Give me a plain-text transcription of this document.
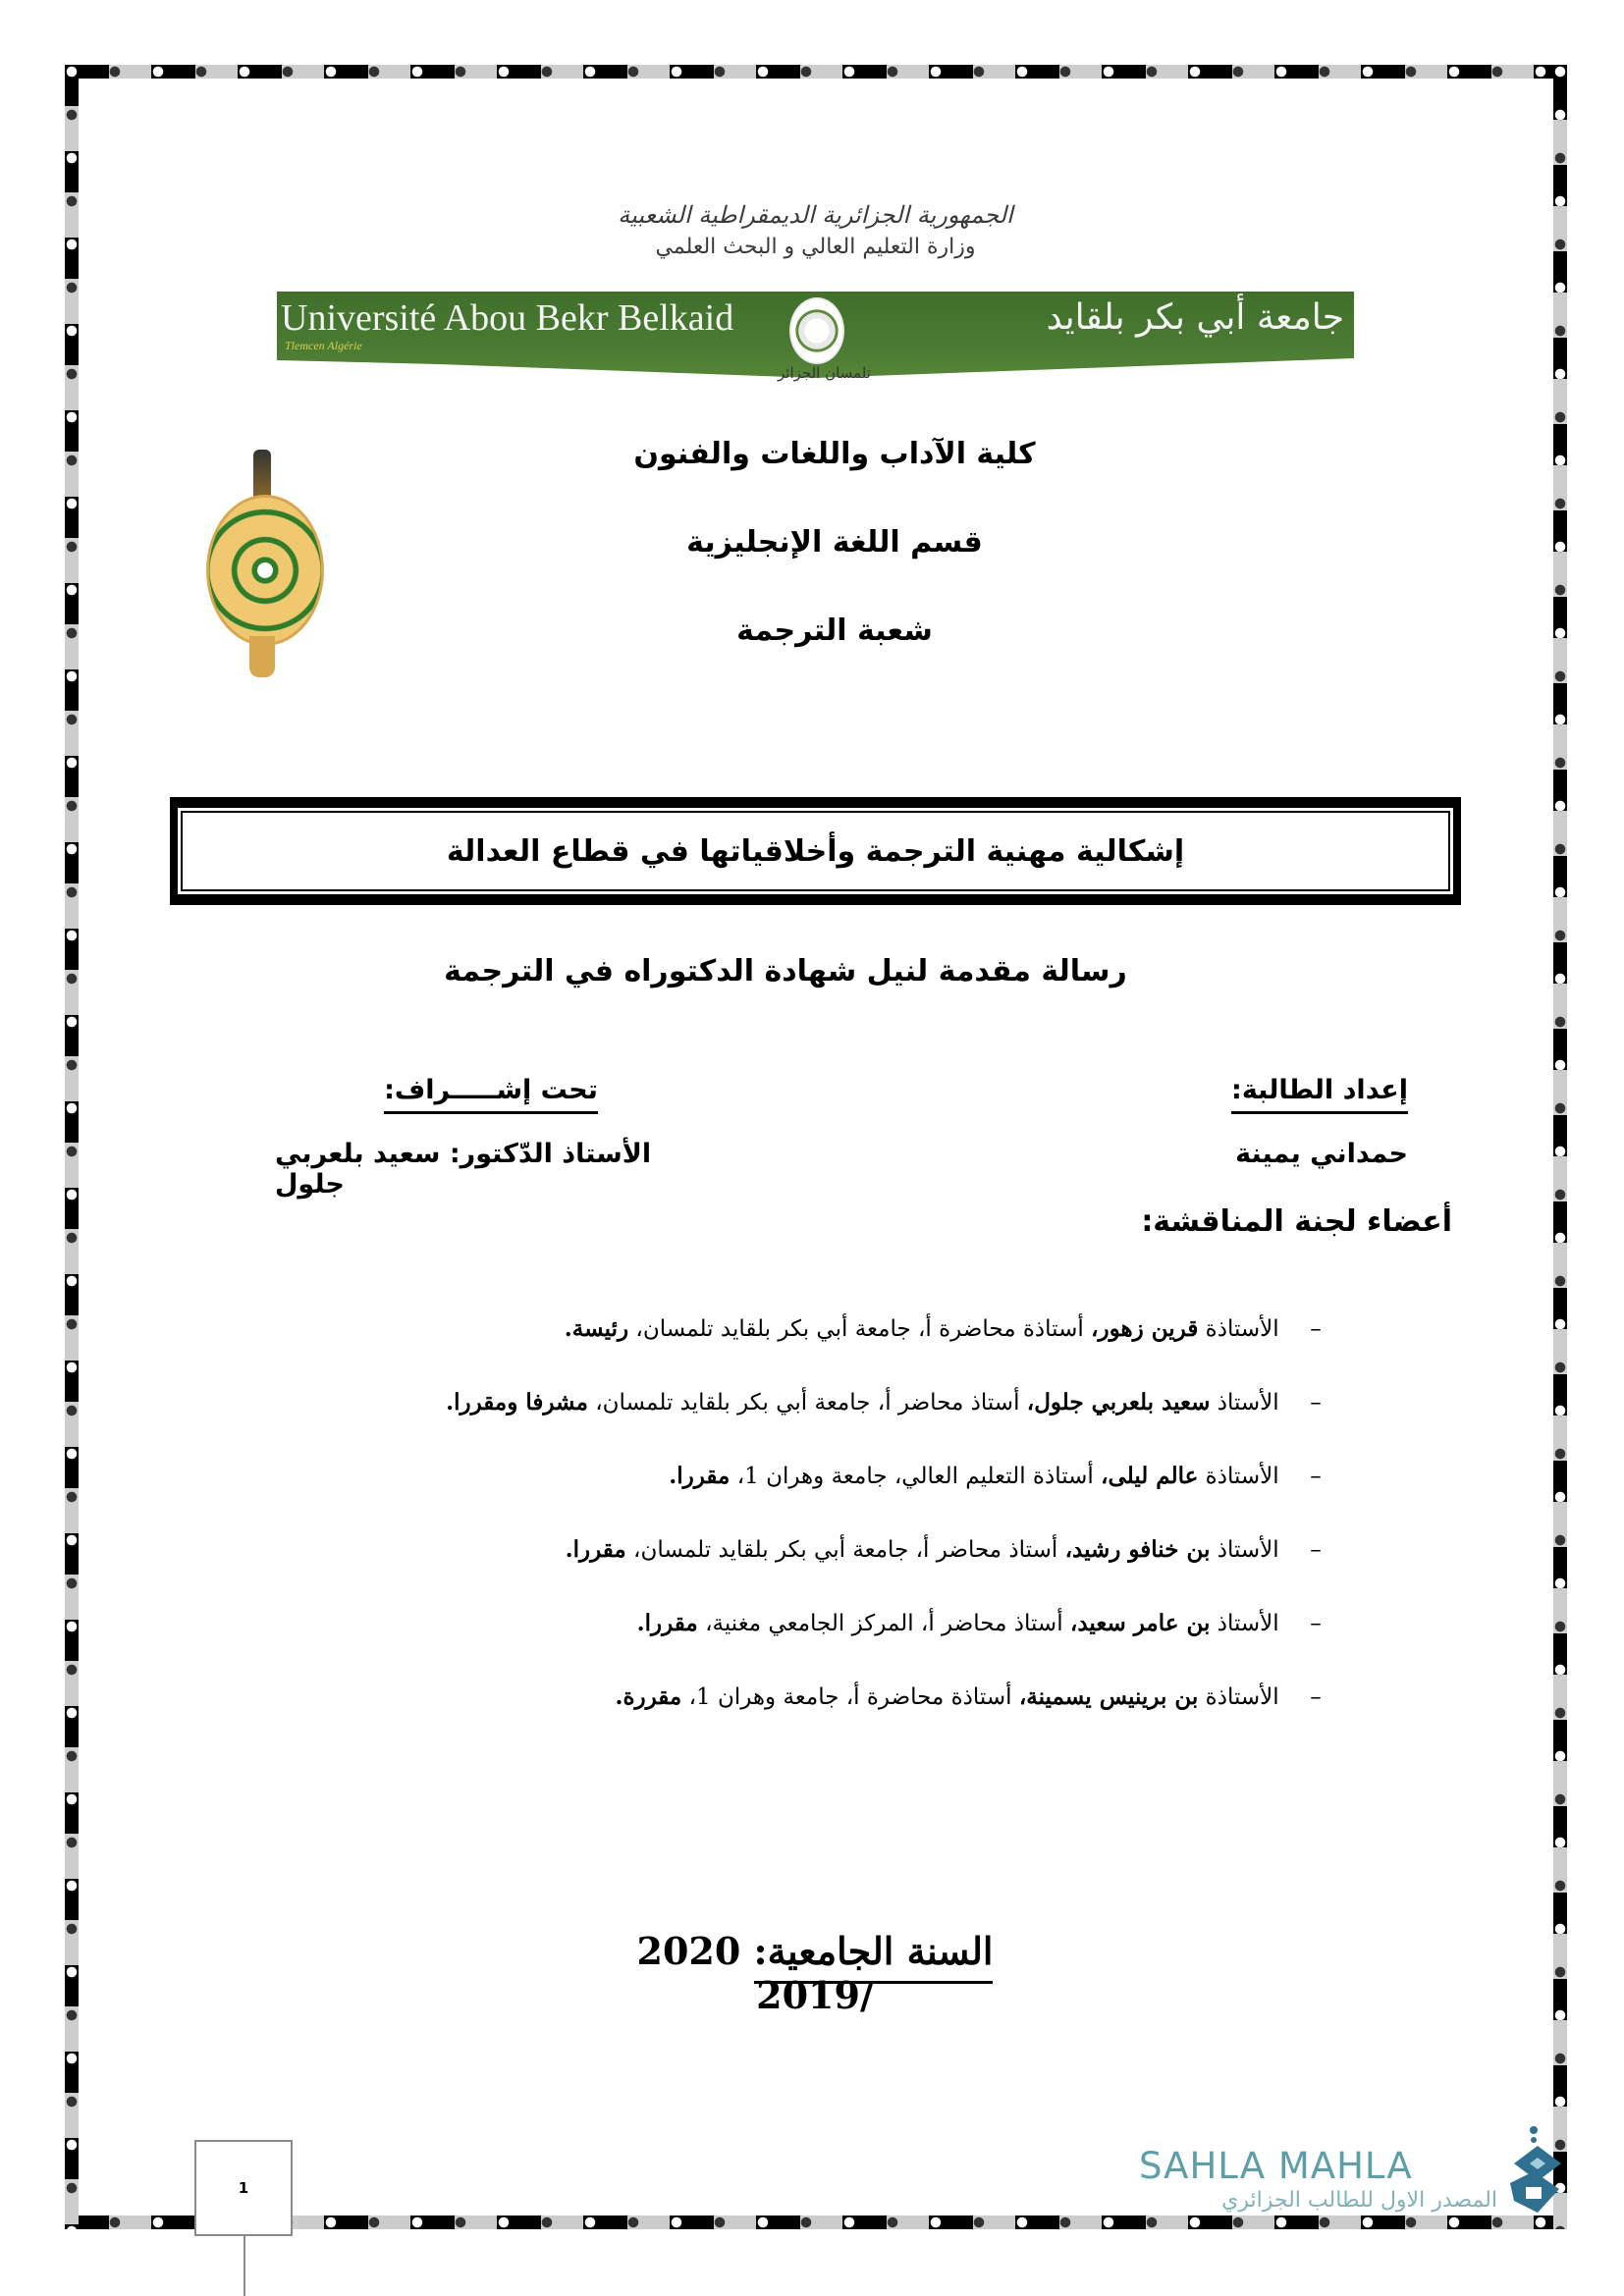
الجمهورية الجزائرية الديمقراطية الشعبية
وزارة التعليم العالي و البحث العلمي
Université Abou Bekr Belkaid
Tlemcen Algérie
جامعة أبي بكر بلقايد
تلمسان الجزائر
كلية الآداب واللغات والفنون
قسم اللغة الإنجليزية
شعبة الترجمة
إشكالية مهنية الترجمة وأخلاقياتها في قطاع العدالة
رسالة مقدمة لنيل شهادة الدكتوراه في الترجمة
إعداد الطالبة:
تحت إشـــــراف:
حمداني يمينة
الأستاذ الدّكتور: سعيد بلعربي جلول
أعضاء لجنة المناقشة:
– الأستاذة قرين زهور، أستاذة محاضرة أ، جامعة أبي بكر بلقايد تلمسان، رئيسة.
– الأستاذ سعيد بلعربي جلول، أستاذ محاضر أ، جامعة أبي بكر بلقايد تلمسان، مشرفا ومقررا.
– الأستاذة عالم ليلى، أستاذة التعليم العالي، جامعة وهران 1، مقررا.
– الأستاذ بن خنافو رشيد، أستاذ محاضر أ، جامعة أبي بكر بلقايد تلمسان، مقررا.
– الأستاذ بن عامر سعيد، أستاذ محاضر أ، المركز الجامعي مغنية، مقررا.
– الأستاذة بن برينيس يسمينة، أستاذة محاضرة أ، جامعة وهران 1، مقررة.
السنة الجامعية: 2020 /2019
1
SAHLA MAHLA
المصدر الاول للطالب الجزائري
